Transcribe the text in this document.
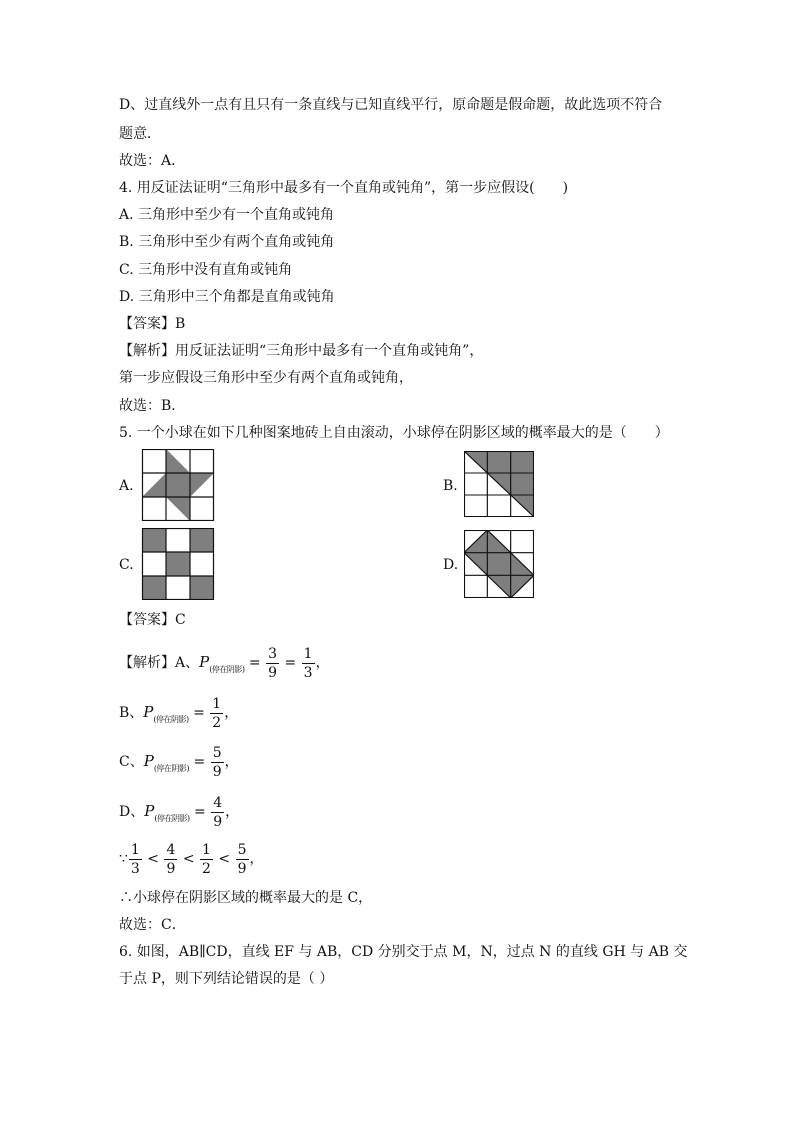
D、过直线外一点有且只有一条直线与已知直线平行，原命题是假命题，故此选项不符合
题意．
故选：A．
4. 用反证法证明“三角形中最多有一个直角或钝角”，第一步应假设(　　)
A. 三角形中至少有一个直角或钝角
B. 三角形中至少有两个直角或钝角
C. 三角形中没有直角或钝角
D. 三角形中三个角都是直角或钝角
【答案】B
【解析】用反证法证明“三角形中最多有一个直角或钝角”，
第一步应假设三角形中至少有两个直角或钝角，
故选：B．
5. 一个小球在如下几种图案地砖上自由滚动，小球停在阴影区域的概率最大的是（　　）
A.	B.
C.	D.
【答案】C
【解析】A、$P_{(停在阴影)} = \frac{3}{9} = \frac{1}{3}$ ，
B、$P_{(停在阴影)} = \frac{1}{2}$ ，
C、$P_{(停在阴影)} = \frac{5}{9}$ ，
D、$P_{(停在阴影)} = \frac{4}{9}$ ，
∵ $\frac{1}{3} < \frac{4}{9} < \frac{1}{2} < \frac{5}{9}$ ，
∴小球停在阴影区域的概率最大的是 C，
故选：C．
6. 如图，AB∥CD，直线 EF 与 AB，CD 分别交于点 M，N，过点 N 的直线 GH 与 AB 交
于点 P，则下列结论错误的是（ ）
